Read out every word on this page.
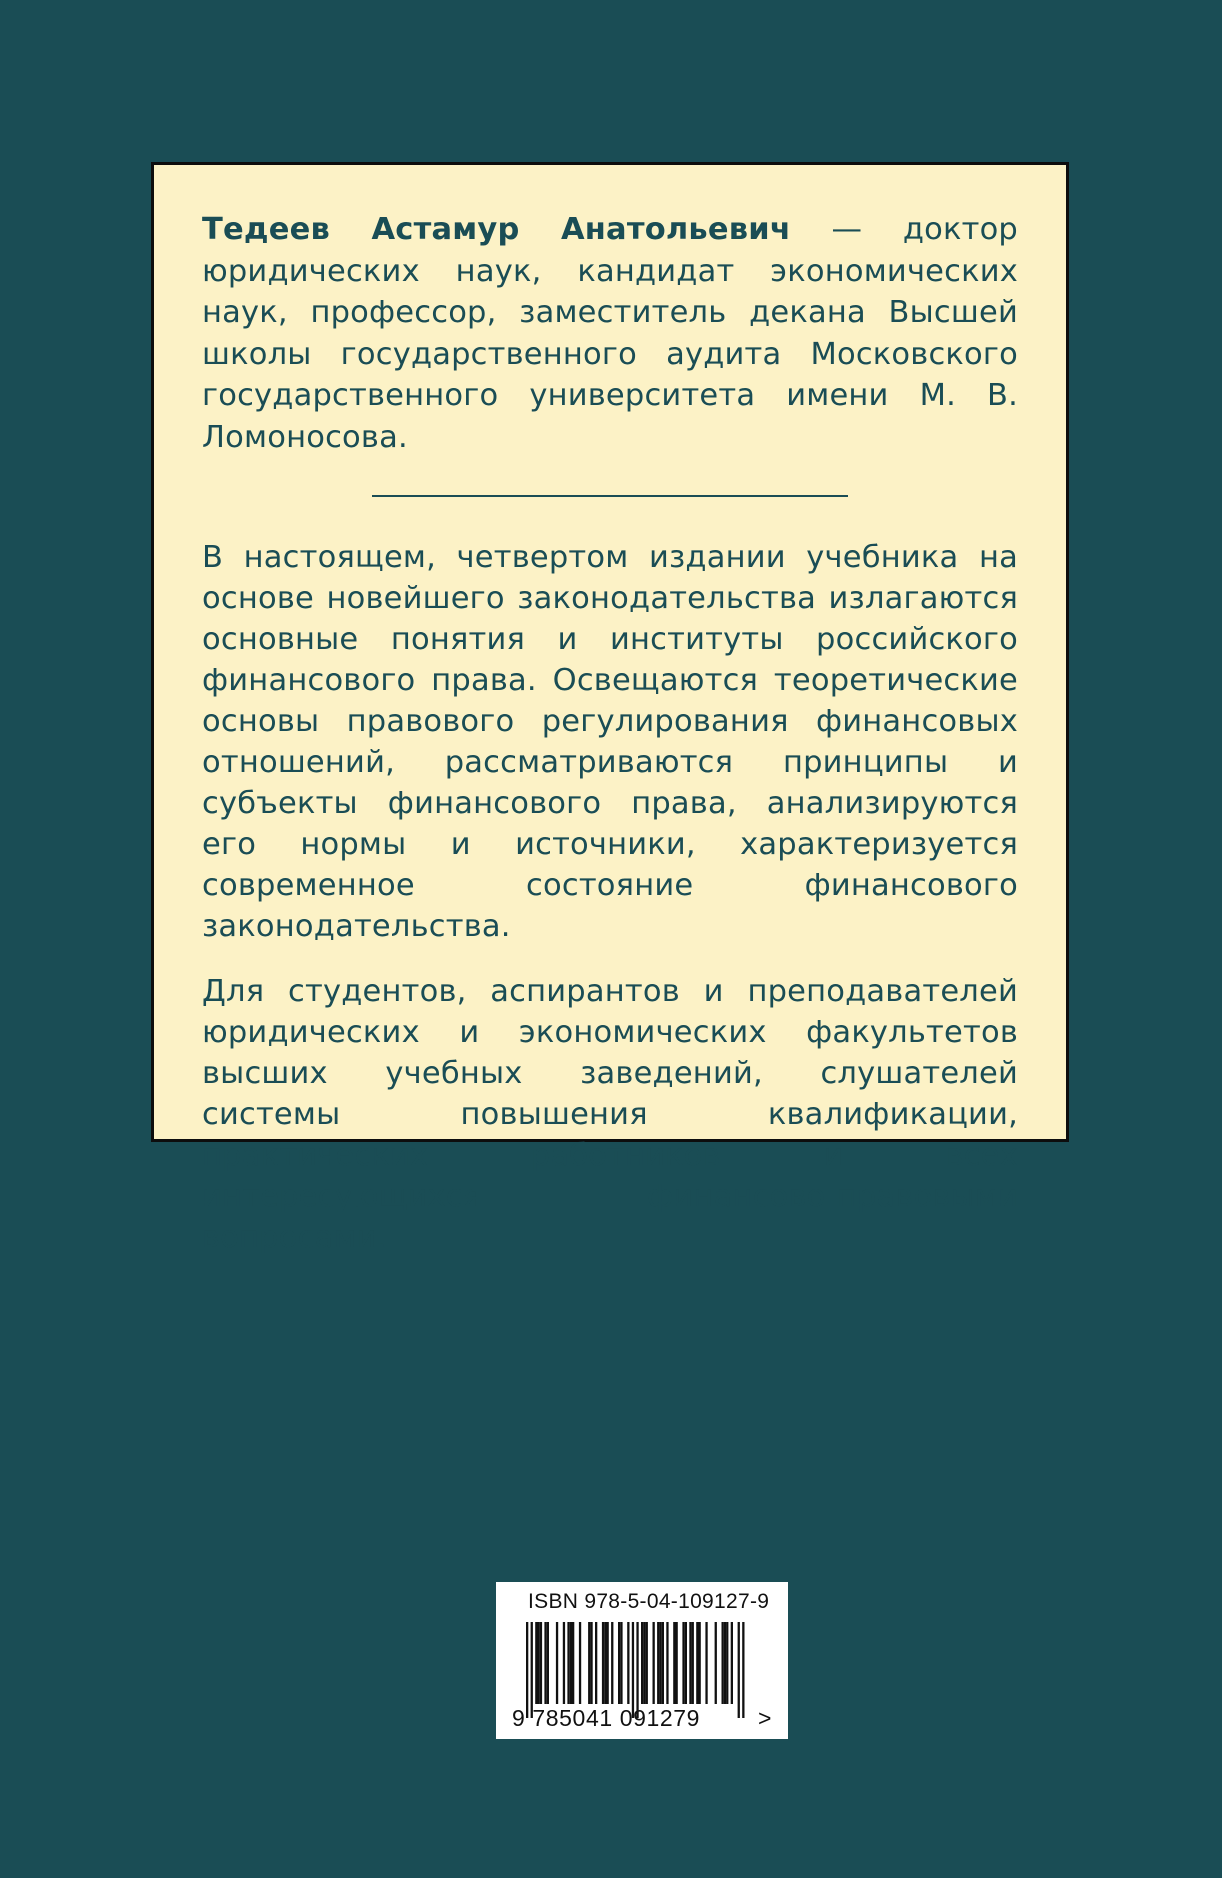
Тедеев Астамур Анатольевич — доктор юридических наук, кандидат экономических наук, профессор, заместитель декана Высшей школы государственного аудита Московского государственного университета имени М. В. Ломоносова.

В настоящем, четвертом издании учебника на основе новейшего законодательства излагаются основные понятия и институты российского финансового права. Освещаются теоретические основы правового регулирования финансовых отношений, рассматриваются принципы и субъекты финансового права, анализируются его нормы и источники, характеризуется современное состояние финансового законодательства.

Для студентов, аспирантов и преподавателей юридических и экономических факультетов высших учебных заведений, слушателей системы повышения квалификации, практических работников и всех интересующихся финансово-правовыми вопросами.

ISBN 978-5-04-109127-9
9 785041 091279	>
